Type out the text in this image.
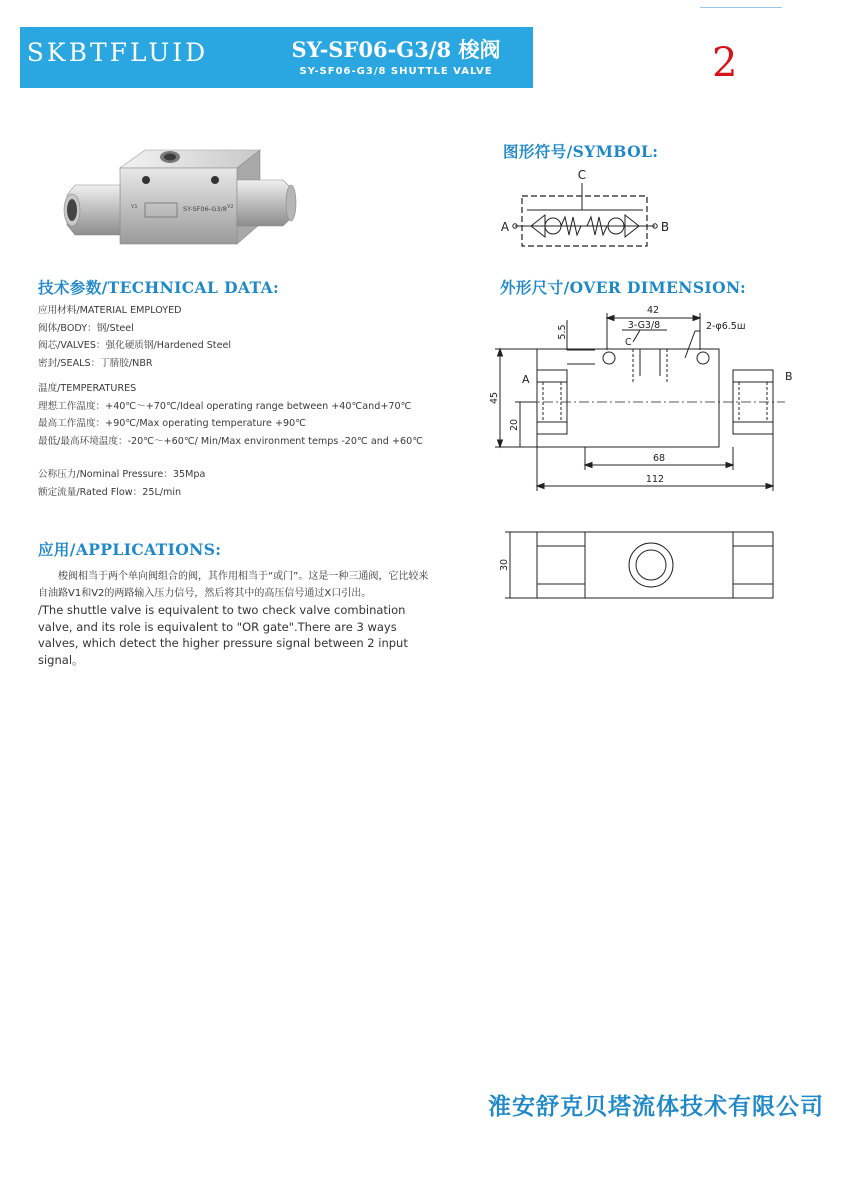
SKBTFLUID	SY-SF06-G3/8 梭阀
SY-SF06-G3/8 SHUTTLE VALVE	2
SY-SF06-G3/8
V1	V2
图形符号/SYMBOL:
C
A	B
技术参数/TECHNICAL DATA:
应用材料/MATERIAL EMPLOYED
阀体/BODY：钢/Steel
阀芯/VALVES：强化硬质钢/Hardened Steel
密封/SEALS：丁腈胶/NBR
温度/TEMPERATURES
理想工作温度：+40℃～+70℃/Ideal operating range between +40℃and+70℃
最高工作温度：+90℃/Max operating temperature +90℃
最低/最高环境温度：-20℃～+60℃/ Min/Max environment temps -20℃ and +60℃
公称压力/Nominal Pressure：35Mpa
额定流量/Rated Flow：25L/min
外形尺寸/OVER DIMENSION:
42
5.5	3-G3/8	2-φ6.5ш
C
45
20
A	B
68
112
30
应用/APPLICATIONS:
梭阀相当于两个单向阀组合的阀，其作用相当于“或门”。这是一种三通阀，它比较来自油路V1和V2的两路输入压力信号，然后将其中的高压信号通过X口引出。
/The shuttle valve is equivalent to two check valve combination valve, and its role is equivalent to "OR gate".There are 3 ways valves, which detect the higher pressure signal between 2 input signal。
淮安舒克贝塔流体技术有限公司
